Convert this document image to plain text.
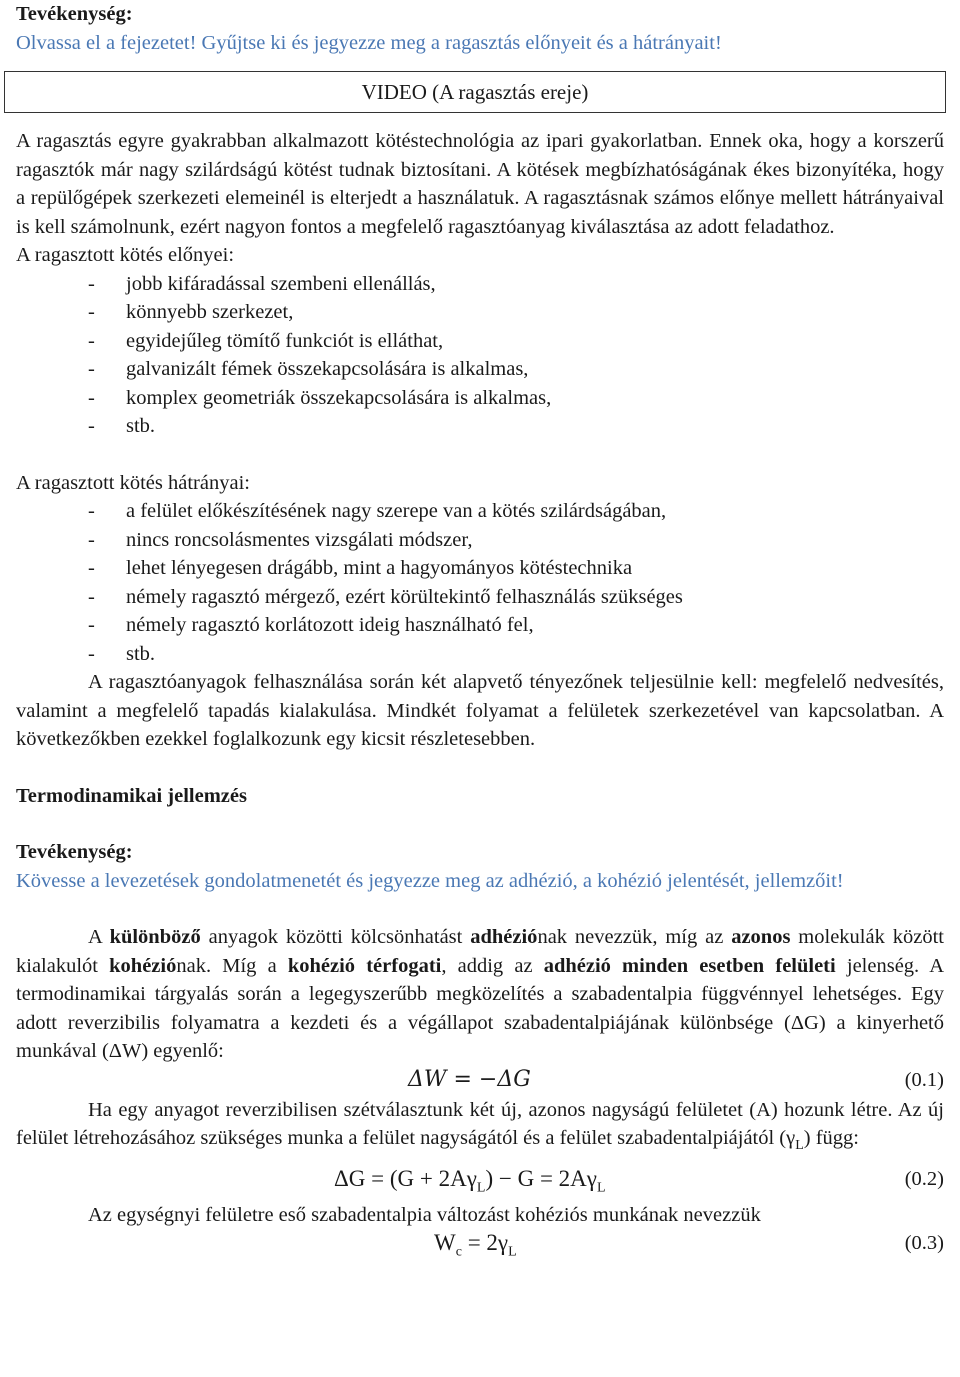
Tevékenység:
Olvassa el a fejezetet! Gyűjtse ki és jegyezze meg a ragasztás előnyeit és a hátrányait!
VIDEO (A ragasztás ereje)

A ragasztás egyre gyakrabban alkalmazott kötéstechnológia az ipari gyakorlatban. Ennek oka, hogy a korszerű ragasztók már nagy szilárdságú kötést tudnak biztosítani. A kötések megbízhatóságának ékes bizonyítéka, hogy a repülőgépek szerkezeti elemeinél is elterjedt a használatuk. A ragasztásnak számos előnye mellett hátrányaival is kell számolnunk, ezért nagyon fontos a megfelelő ragasztóanyag kiválasztása az adott feladathoz.

A ragasztott kötés előnyei:
- jobb kifáradással szembeni ellenállás,
- könnyebb szerkezet,
- egyidejűleg tömítő funkciót is elláthat,
- galvanizált fémek összekapcsolására is alkalmas,
- komplex geometriák összekapcsolására is alkalmas,
- stb.
A ragasztott kötés hátrányai:
- a felület előkészítésének nagy szerepe van a kötés szilárdságában,
- nincs roncsolásmentes vizsgálati módszer,
- lehet lényegesen drágább, mint a hagyományos kötéstechnika
- némely ragasztó mérgező, ezért körültekintő felhasználás szükséges
- némely ragasztó korlátozott ideig használható fel,
- stb.

A ragasztóanyagok felhasználása során két alapvető tényezőnek teljesülnie kell: megfelelő nedvesítés, valamint a megfelelő tapadás kialakulása. Mindkét folyamat a felületek szerkezetével van kapcsolatban. A következőkben ezekkel foglalkozunk egy kicsit részletesebben.

Termodinamikai jellemzés
Tevékenység:
Kövesse a levezetések gondolatmenetét és jegyezze meg az adhézió, a kohézió jelentését, jellemzőit!

A különböző anyagok közötti kölcsönhatást adhéziónak nevezzük, míg az azonos molekulák között kialakulót kohéziónak. Míg a kohézió térfogati, addig az adhézió minden esetben felületi jelenség. A termodinamikai tárgyalás során a legegyszerűbb megközelítés a szabadentalpia függvénnyel lehetséges. Egy adott reverzibilis folyamatra a kezdeti és a végállapot szabadentalpiájának különbsége (ΔG) a kinyerhető munkával (ΔW) egyenlő:

ΔW = −ΔG	(0.1)

Ha egy anyagot reverzibilisen szétválasztunk két új, azonos nagyságú felületet (A) hozunk létre. Az új felület létrehozásához szükséges munka a felület nagyságától és a felület szabadentalpiájától $(\gamma_L)$ függ:

$\Delta G = (G + 2A\gamma_L) - G = 2A\gamma_L$	(0.2)

Az egységnyi felületre eső szabadentalpia változást kohéziós munkának nevezzük

$W_c = 2\gamma_L$	(0.3)
